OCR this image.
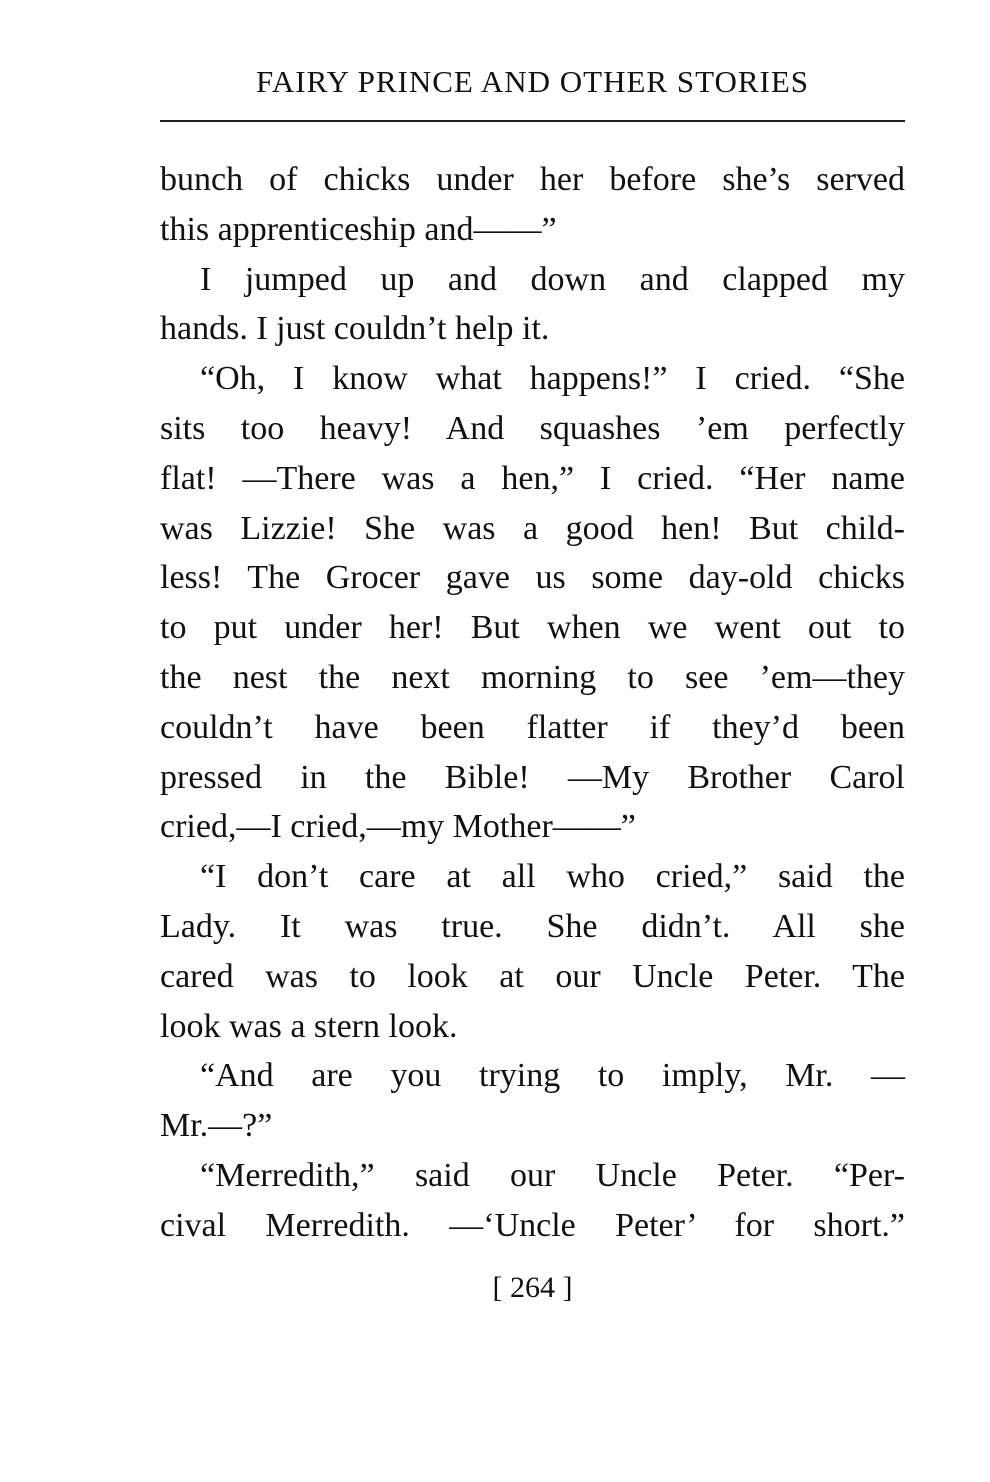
FAIRY PRINCE AND OTHER STORIES
bunch of chicks under her before she’s served
this apprenticeship and——”
I jumped up and down and clapped my
hands. I just couldn’t help it.
“Oh, I know what happens!” I cried. “She
sits too heavy! And squashes ’em perfectly
flat! —There was a hen,” I cried. “Her name
was Lizzie! She was a good hen! But child-
less! The Grocer gave us some day-old chicks
to put under her! But when we went out to
the nest the next morning to see ’em—they
couldn’t have been flatter if they’d been
pressed in the Bible! —My Brother Carol
cried,—I cried,—my Mother——”
“I don’t care at all who cried,” said the
Lady. It was true. She didn’t. All she
cared was to look at our Uncle Peter. The
look was a stern look.
“And are you trying to imply, Mr. —
Mr.—?”
“Merredith,” said our Uncle Peter. “Per-
cival Merredith. —‘Uncle Peter’ for short.”
[ 264 ]
